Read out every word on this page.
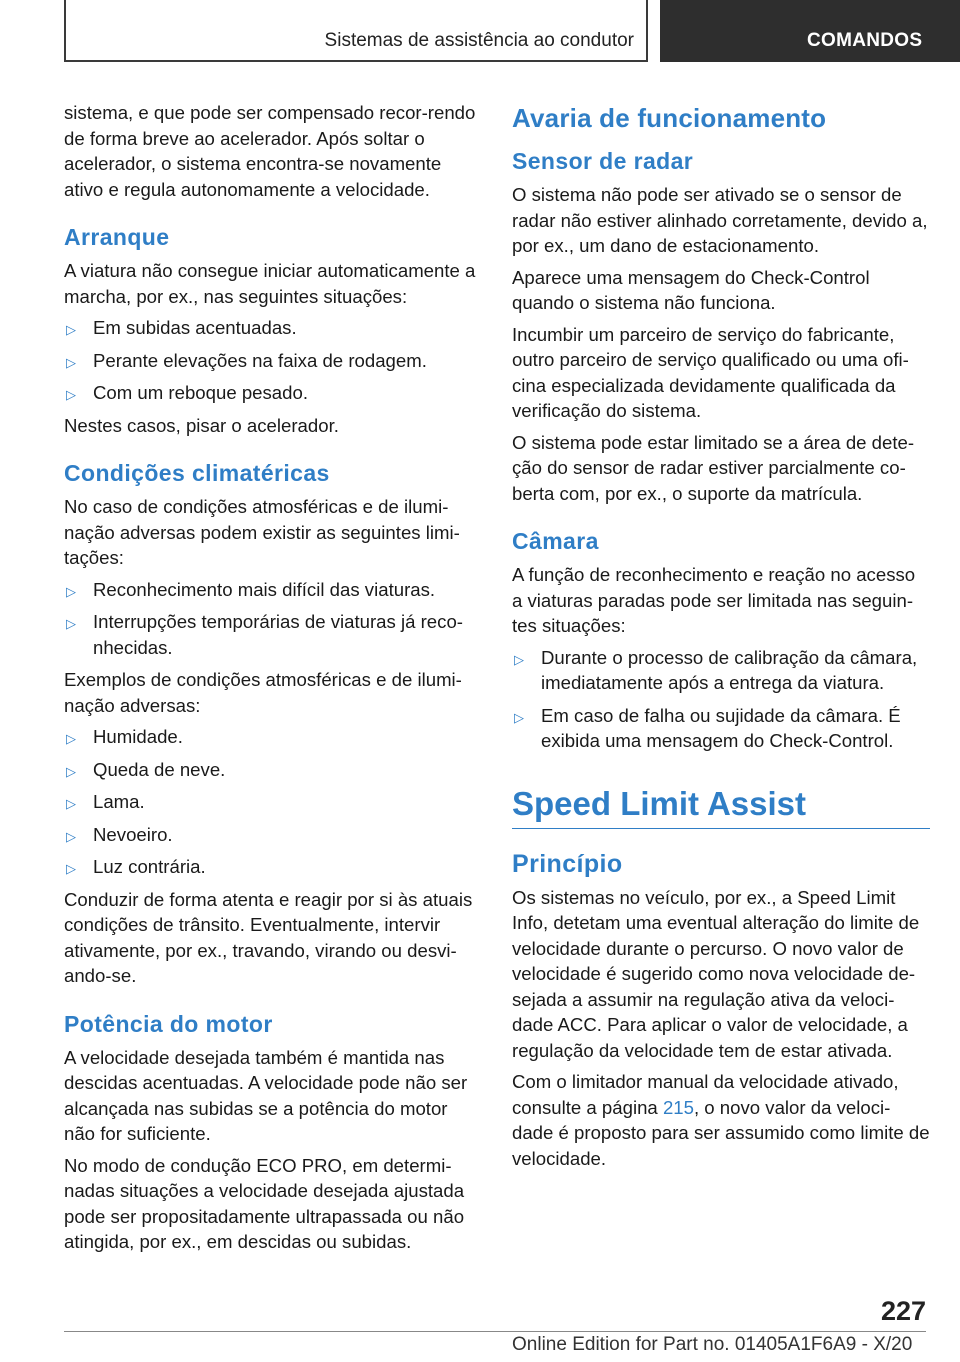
Sistemas de assistência ao condutor	COMANDOS

sistema, e que pode ser compensado recor-rendo de forma breve ao acelerador. Após soltar o acelerador, o sistema encontra-se novamente ativo e regula autonomamente a velocidade.

Arranque

A viatura não consegue iniciar automaticamente a marcha, por ex., nas seguintes situações:

▷ Em subidas acentuadas.
▷ Perante elevações na faixa de rodagem.
▷ Com um reboque pesado.

Nestes casos, pisar o acelerador.

Condições climatéricas

No caso de condições atmosféricas e de ilumi-nação adversas podem existir as seguintes limi-tações:

▷ Reconhecimento mais difícil das viaturas.
▷ Interrupções temporárias de viaturas já reco-nhecidas.

Exemplos de condições atmosféricas e de ilumi-nação adversas:

▷ Humidade.
▷ Queda de neve.
▷ Lama.
▷ Nevoeiro.
▷ Luz contrária.

Conduzir de forma atenta e reagir por si às atuais condições de trânsito. Eventualmente, intervir ativamente, por ex., travando, virando ou desvi-ando-se.

Potência do motor

A velocidade desejada também é mantida nas descidas acentuadas. A velocidade pode não ser alcançada nas subidas se a potência do motor não for suficiente.

No modo de condução ECO PRO, em determi-nadas situações a velocidade desejada ajustada pode ser propositadamente ultrapassada ou não atingida, por ex., em descidas ou subidas.

Avaria de funcionamento
Sensor de radar

O sistema não pode ser ativado se o sensor de radar não estiver alinhado corretamente, devido a, por ex., um dano de estacionamento.

Aparece uma mensagem do Check-Control quando o sistema não funciona.

Incumbir um parceiro de serviço do fabricante, outro parceiro de serviço qualificado ou uma ofi-cina especializada devidamente qualificada da verificação do sistema.

O sistema pode estar limitado se a área de dete-ção do sensor de radar estiver parcialmente co-berta com, por ex., o suporte da matrícula.

Câmara

A função de reconhecimento e reação no acesso a viaturas paradas pode ser limitada nas seguin-tes situações:

▷ Durante o processo de calibração da câmara, imediatamente após a entrega da viatura.
▷ Em caso de falha ou sujidade da câmara. É exibida uma mensagem do Check-Control.
Speed Limit Assist
Princípio

Os sistemas no veículo, por ex., a Speed Limit Info, detetam uma eventual alteração do limite de velocidade durante o percurso. O novo valor de velocidade é sugerido como nova velocidade de-sejada a assumir na regulação ativa da veloci-dade ACC. Para aplicar o valor de velocidade, a regulação da velocidade tem de estar ativada.

Com o limitador manual da velocidade ativado, consulte a página 215, o novo valor da veloci-dade é proposto para ser assumido como limite de velocidade.

227
Online Edition for Part no. 01405A1F6A9 - X/20
